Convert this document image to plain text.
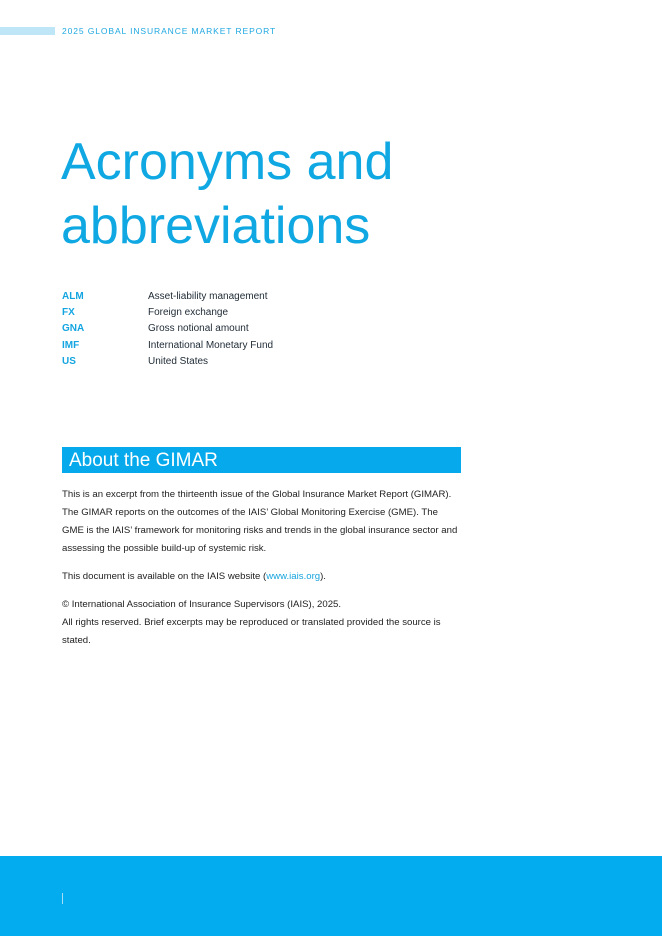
2025 GLOBAL INSURANCE MARKET REPORT
Acronyms and
abbreviations
ALM	Asset-liability management
FX	Foreign exchange
GNA	Gross notional amount
IMF	International Monetary Fund
US	United States
About the GIMAR

This is an excerpt from the thirteenth issue of the Global Insurance Market Report (GIMAR). The GIMAR reports on the outcomes of the IAIS’ Global Monitoring Exercise (GME). The GME is the IAIS’ framework for monitoring risks and trends in the global insurance sector and assessing the possible build-up of systemic risk.

This document is available on the IAIS website (www.iais.org).

© International Association of Insurance Supervisors (IAIS), 2025.

All rights reserved. Brief excerpts may be reproduced or translated provided the source is stated.
